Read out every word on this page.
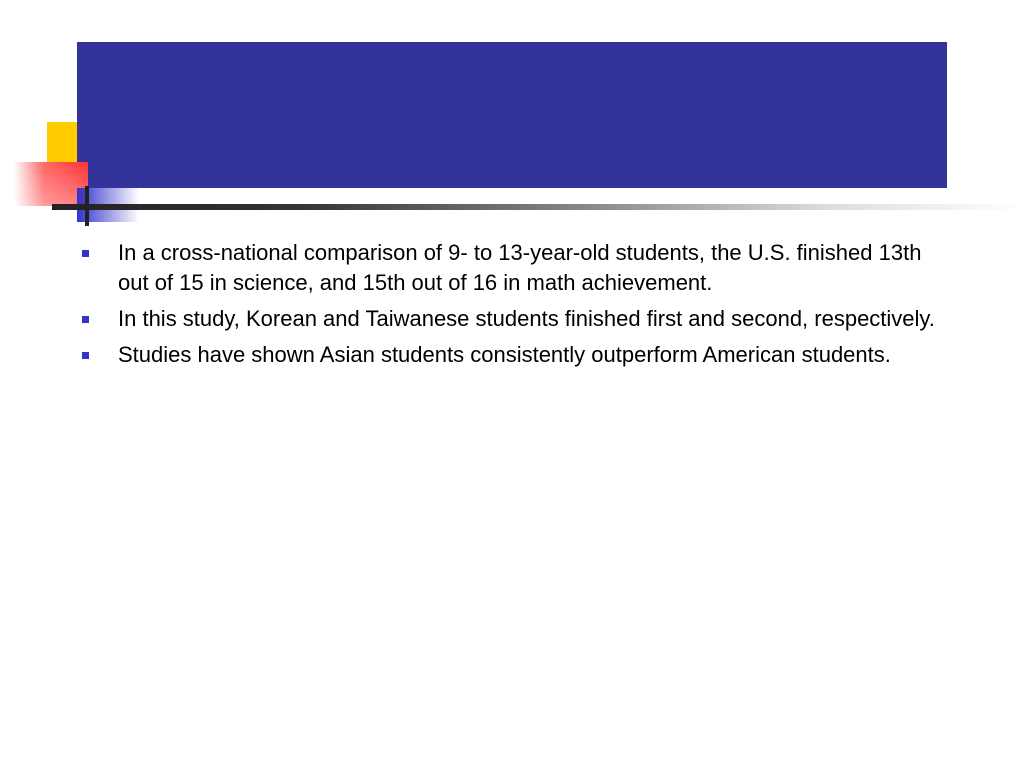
Cross-Cultural Comparisons of Achievement
In a cross-national comparison of 9- to 13-year-old students, the U.S. finished 13th out of 15 in science, and 15th out of 16 in math achievement.
In this study, Korean and Taiwanese students finished first and second, respectively.
Studies have shown Asian students consistently outperform American students.
